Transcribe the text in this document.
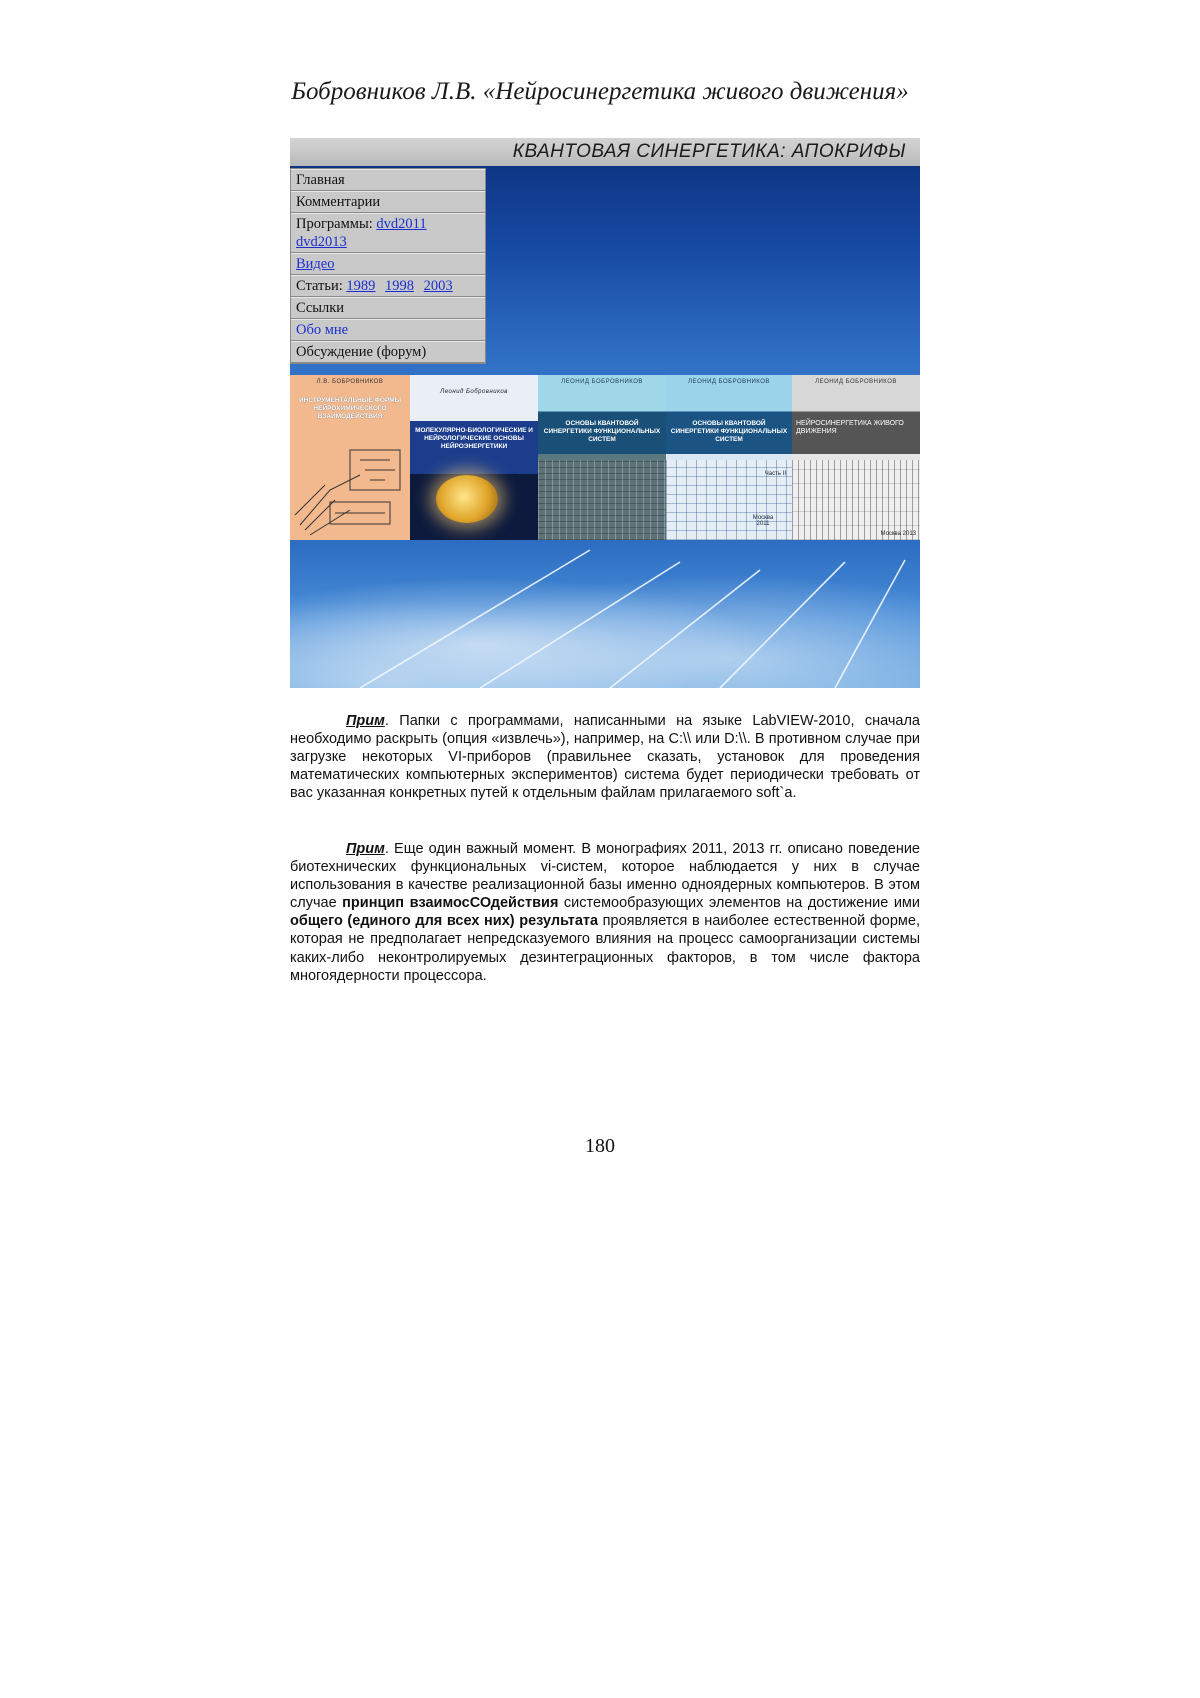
Бобровников Л.В. «Нейросинергетика живого движения»
КВАНТОВАЯ СИНЕРГЕТИКА: АПОКРИФЫ
Главная
Комментарии
Программы: dvd2011
dvd2013
Видео
Статьи: 1989 1998 2003
Ссылки
Обо мне
Обсуждение (форум)
Л.В. БОБРОВНИКОВ
ИНСТРУМЕНТАЛЬНЫЕ ФОРМЫ НЕЙРОХИМИЧЕСКОГО ВЗАИМОДЕЙСТВИЯ
Леонид Бобровников
МОЛЕКУЛЯРНО-БИОЛОГИЧЕСКИЕ И НЕЙРОЛОГИЧЕСКИЕ ОСНОВЫ НЕЙРОЭНЕРГЕТИКИ
ЛЕОНИД БОБРОВНИКОВ
ОСНОВЫ КВАНТОВОЙ СИНЕРГЕТИКИ ФУНКЦИОНАЛЬНЫХ СИСТЕМ
ЛЕОНИД БОБРОВНИКОВ
ОСНОВЫ КВАНТОВОЙ СИНЕРГЕТИКИ ФУНКЦИОНАЛЬНЫХ СИСТЕМ
Часть II
Москва 2011
ЛЕОНИД БОБРОВНИКОВ
НЕЙРОСИНЕРГЕТИКА ЖИВОГО ДВИЖЕНИЯ
Москва 2013
Прим. Папки с программами, написанными на языке LabVIEW-2010, сначала необходимо раскрыть (опция «извлечь»), например, на C:\\ или D:\\. В противном случае при загрузке некоторых VI-приборов (правильнее сказать, установок для проведения математических компьютерных экспериментов) система будет периодически требовать от вас указанная конкретных путей к отдельным файлам прилагаемого soft`a.
Прим. Еще один важный момент. В монографиях 2011, 2013 гг. описано поведение биотехнических функциональных vi-систем, которое наблюдается у них в случае использования в качестве реализационной базы именно одноядерных компьютеров. В этом случае принцип взаимосСОдействия системообразующих элементов на достижение ими общего (единого для всех них) результата проявляется в наиболее естественной форме, которая не предполагает непредсказуемого влияния на процесс самоорганизации системы каких-либо неконтролируемых дезинтеграционных факторов, в том числе фактора многоядерности процессора.
180
